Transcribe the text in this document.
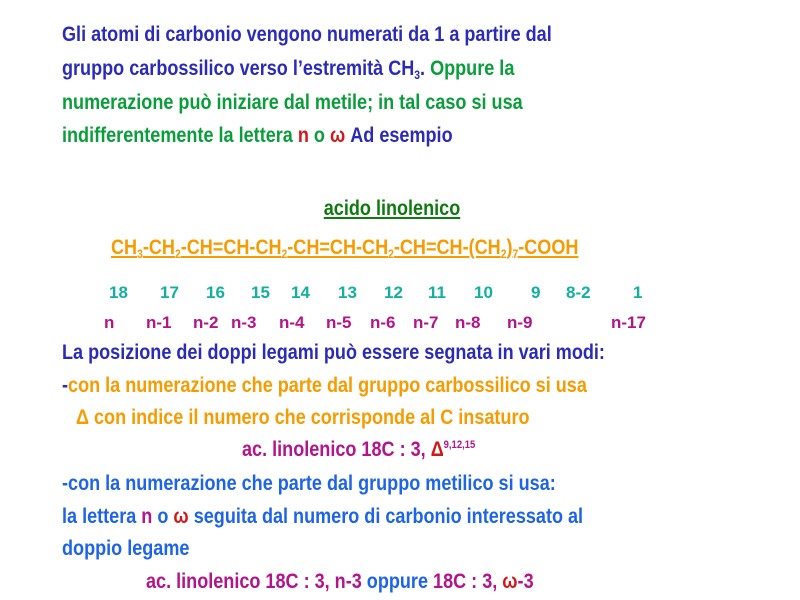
Gli atomi di carbonio vengono numerati da 1 a partire dal
gruppo carbossilico verso l’estremità $CH_3$. Oppure la
numerazione può iniziare dal metile; in tal caso si usa
indifferentemente la lettera n o ω Ad esempio
acido linolenico
$CH_3-CH_2-CH=CH-CH_2-CH=CH-CH_2-CH=CH-(CH_2)_7$-COOH
18 17 16 15 14 13 12 11 10 9 8-2 1
n n-1 n-2 n-3 n-4 n-5 n-6 n-7 n-8 n-9	n-17
La posizione dei doppi legami può essere segnata in vari modi:
-con la numerazione che parte dal gruppo carbossilico si usa
Δ con indice il numero che corrisponde al C insaturo
ac. linolenico 18C : 3, Δ$^{9,12,15}$
-con la numerazione che parte dal gruppo metilico si usa:
la lettera n o ω seguita dal numero di carbonio interessato al
doppio legame
ac. linolenico 18C : 3, n-3 oppure 18C : 3, ω-3
